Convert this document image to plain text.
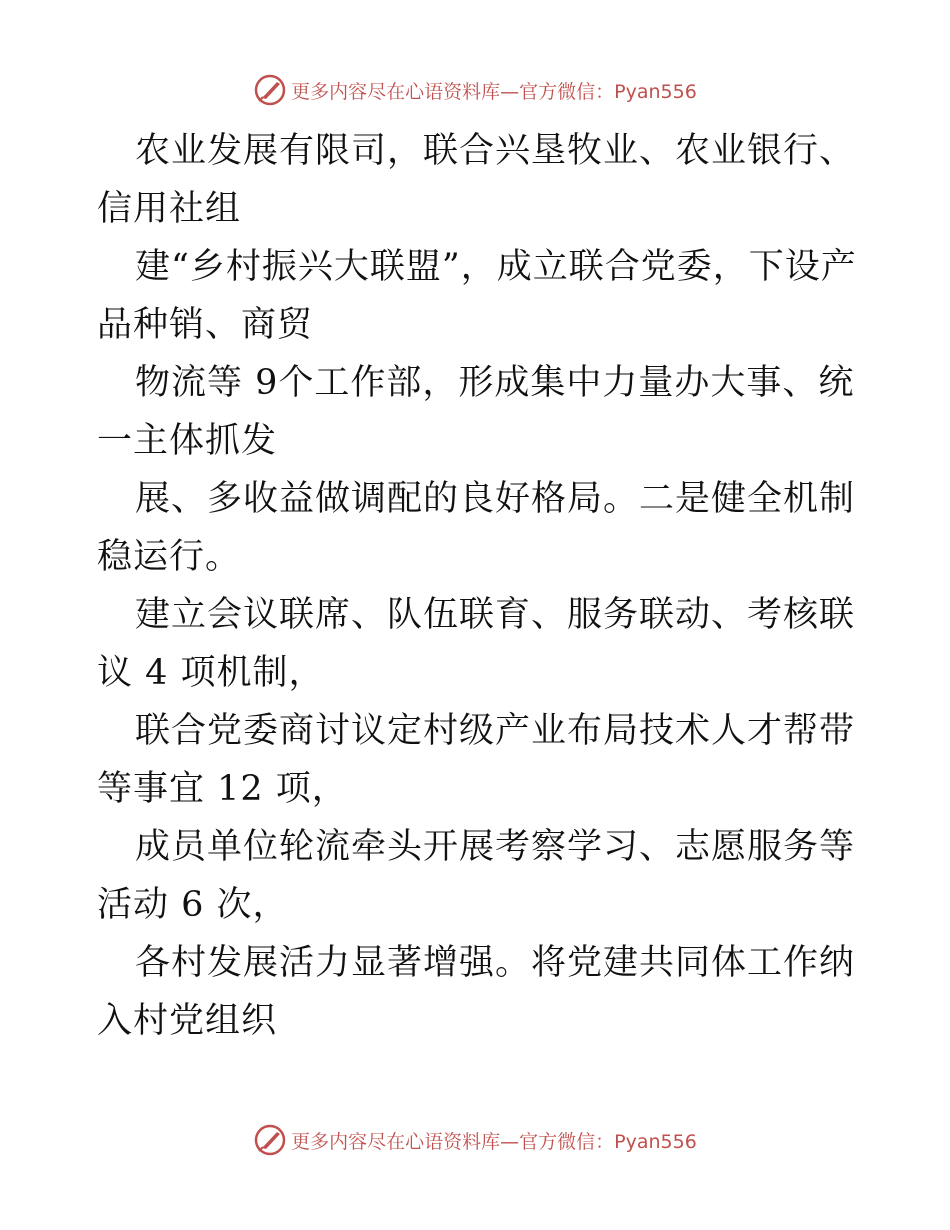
更多内容尽在心语资料库—官方微信：Pyan556

农业发展有限司，联合兴垦牧业、农业银行、信用社组

建“乡村振兴大联盟”，成立联合党委，下设产品种销、商贸

物流等 9个工作部，形成集中力量办大事、统一主体抓发

展、多收益做调配的良好格局。二是健全机制稳运行。

建立会议联席、队伍联育、服务联动、考核联议 4 项机制，

联合党委商讨议定村级产业布局技术人才帮带等事宜 12 项，

成员单位轮流牵头开展考察学习、志愿服务等活动 6 次，

各村发展活力显著增强。将党建共同体工作纳入村党组织

更多内容尽在心语资料库—官方微信：Pyan556
